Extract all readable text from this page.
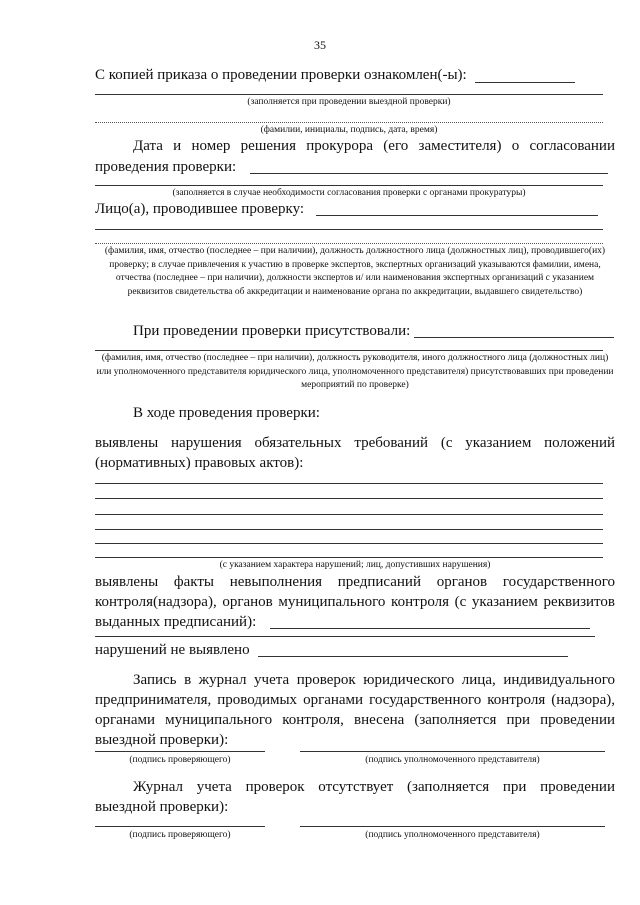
35
С копией приказа о проведении проверки ознакомлен(-ы):
(заполняется при проведении выездной проверки)
(фамилии, инициалы, подпись, дата, время)
Дата и номер решения прокурора (его заместителя) о согласовании
проведения проверки:
(заполняется в случае необходимости согласования проверки с органами прокуратуры)
Лицо(а), проводившее проверку:
(фамилия, имя, отчество (последнее – при наличии), должность должностного лица (должностных лиц), проводившего(их) проверку; в случае привлечения к участию в проверке экспертов, экспертных организаций указываются фамилии, имена, отчества (последнее – при наличии), должности экспертов и/ или наименования экспертных организаций с указанием реквизитов свидетельства об аккредитации и наименование органа по аккредитации, выдавшего свидетельство)
При проведении проверки присутствовали:
(фамилия, имя, отчество (последнее – при наличии), должность руководителя, иного должностного лица (должностных лиц) или уполномоченного представителя юридического лица, уполномоченного представителя) присутствовавших при проведении мероприятий по проверке)
В ходе проведения проверки:
выявлены нарушения обязательных требований (с указанием положений (нормативных) правовых актов):
(с указанием характера нарушений; лиц, допустивших нарушения)
выявлены факты невыполнения предписаний органов государственного контроля(надзора), органов муниципального контроля (с указанием реквизитов
выданных предписаний):
нарушений не выявлено
Запись в журнал учета проверок юридического лица, индивидуального предпринимателя, проводимых органами государственного контроля (надзора), органами муниципального контроля, внесена (заполняется при проведении выездной проверки):
(подпись проверяющего)	(подпись уполномоченного представителя)
Журнал учета проверок отсутствует (заполняется при проведении выездной проверки):
(подпись проверяющего)	(подпись уполномоченного представителя)
